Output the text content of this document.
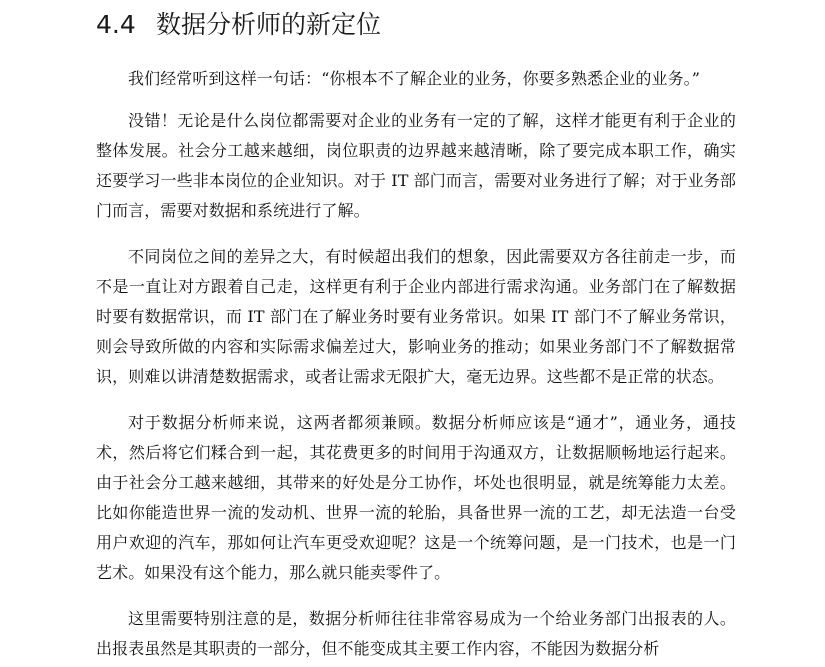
4.4 数据分析师的新定位

我们经常听到这样一句话：“你根本不了解企业的业务，你要多熟悉企业的业务。”

没错！无论是什么岗位都需要对企业的业务有一定的了解，这样才能更有利于企业的整体发展。社会分工越来越细，岗位职责的边界越来越清晰，除了要完成本职工作，确实还要学习一些非本岗位的企业知识。对于 IT 部门而言，需要对业务进行了解；对于业务部门而言，需要对数据和系统进行了解。

不同岗位之间的差异之大，有时候超出我们的想象，因此需要双方各往前走一步，而不是一直让对方跟着自己走，这样更有利于企业内部进行需求沟通。业务部门在了解数据时要有数据常识，而 IT 部门在了解业务时要有业务常识。如果 IT 部门不了解业务常识，则会导致所做的内容和实际需求偏差过大，影响业务的推动；如果业务部门不了解数据常识，则难以讲清楚数据需求，或者让需求无限扩大，毫无边界。这些都不是正常的状态。

对于数据分析师来说，这两者都须兼顾。数据分析师应该是“通才”，通业务，通技术，然后将它们糅合到一起，其花费更多的时间用于沟通双方，让数据顺畅地运行起来。由于社会分工越来越细，其带来的好处是分工协作，坏处也很明显，就是统筹能力太差。比如你能造世界一流的发动机、世界一流的轮胎，具备世界一流的工艺，却无法造一台受用户欢迎的汽车，那如何让汽车更受欢迎呢？这是一个统筹问题，是一门技术，也是一门艺术。如果没有这个能力，那么就只能卖零件了。

这里需要特别注意的是，数据分析师往往非常容易成为一个给业务部门出报表的人。出报表虽然是其职责的一部分，但不能变成其主要工作内容，不能因为数据分析
